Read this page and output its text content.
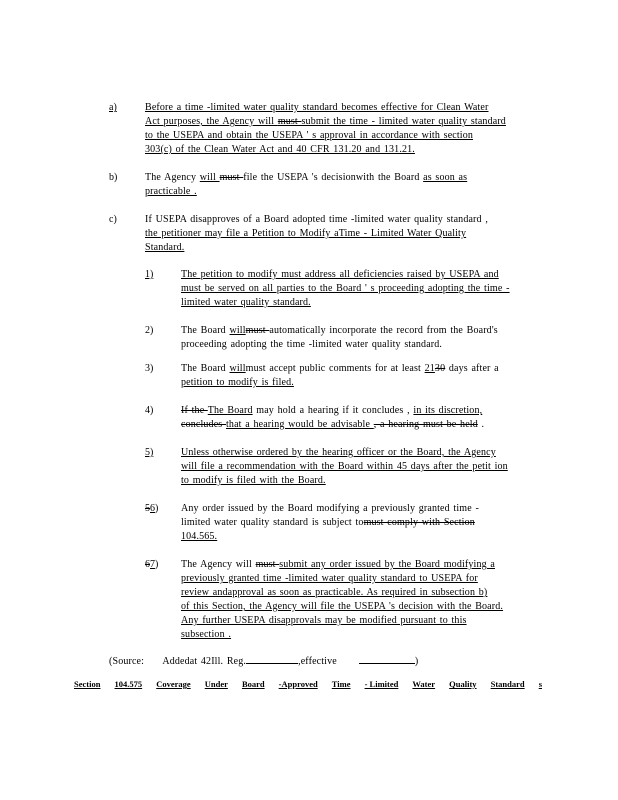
a)	Before a time -limited water quality standard becomes effective for Clean Water
Act purposes, the Agency will must submit the time - limited water quality standard
to the USEPA and obtain the USEPA ' s approval in accordance with section
303(c) of the Clean Water Act and 40 CFR 131.20 and 131.21.
b)	The Agency will must file the USEPA 's decisionwith the Board as soon as
practicable .
c)	If USEPA disapproves of a Board adopted time -limited water quality standard ,
the petitioner may file a Petition to Modify aTime - Limited Water Quality
Standard.
1)	The petition to modify must address all deficiencies raised by USEPA and
must be served on all parties to the Board ' s proceeding adopting the time -
limited water quality standard.
2)	The Board willmust automatically incorporate the record from the Board's
proceeding adopting the time -limited water quality standard.
3)	The Board willmust accept public comments for at least 2130 days after a
petition to modify is filed.
4)	If the The Board may hold a hearing if it concludes , in its discretion,
concludes that a hearing would be advisable , a hearing must be held .
5)	Unless otherwise ordered by the hearing officer or the Board, the Agency
will file a recommendation with the Board within 45 days after the petit ion
to modify is filed with the Board.
56) Any order issued by the Board modifying a previously granted time -
limited water quality standard is subject tomust comply with Section
104.565.
67) The Agency will must submit any order issued by the Board modifying a
previously granted time -limited water quality standard to USEPA for
review andapproval as soon as practicable. As required in subsection b)
of this Section, the Agency will file the USEPA 's decision with the Board.
Any further USEPA disapprovals may be modified pursuant to this
subsection .
(Source: Addedat 42Ill. Reg.	,effective	)
Section 104.575 Coverage Under Board -Approved Time - Limited Water Quality Standard s
